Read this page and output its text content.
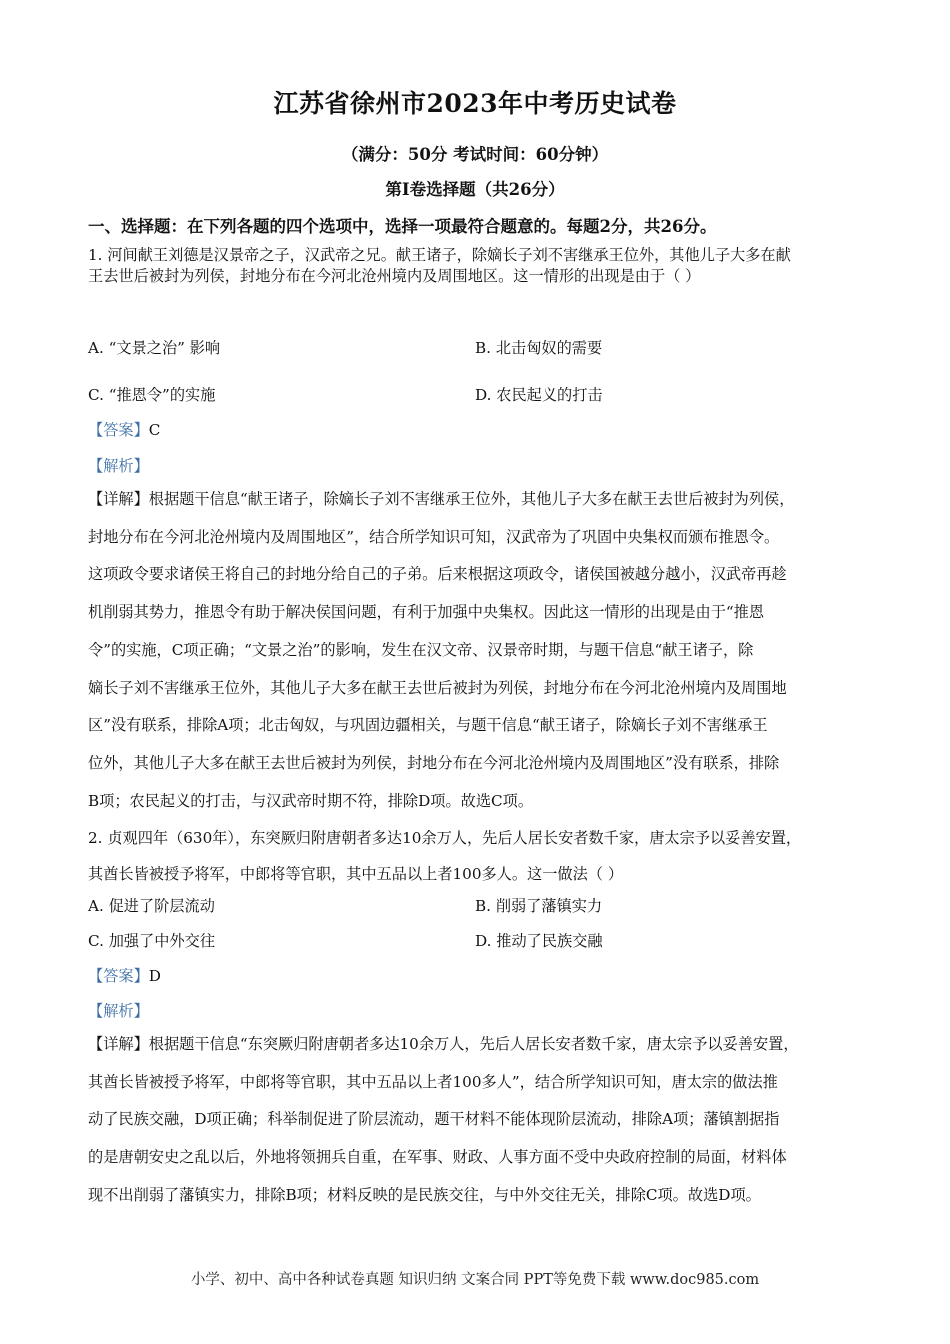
江苏省徐州市2023年中考历史试卷
（满分：50分 考试时间：60分钟）
第Ⅰ卷选择题（共26分）
一、选择题：在下列各题的四个选项中，选择一项最符合题意的。每题2分，共26分。

1. 河间献王刘德是汉景帝之子，汉武帝之兄。献王诸子，除嫡长子刘不害继承王位外，其他儿子大多在献

王去世后被封为列侯，封地分布在今河北沧州境内及周围地区。这一情形的出现是由于（ ）

A. “文景之治” 影响	B. 北击匈奴的需要
C. “推恩令”的实施	D. 农民起义的打击
【答案】C
【解析】

【详解】根据题干信息“献王诸子，除嫡长子刘不害继承王位外，其他儿子大多在献王去世后被封为列侯，

封地分布在今河北沧州境内及周围地区”，结合所学知识可知，汉武帝为了巩固中央集权而颁布推恩令。

这项政令要求诸侯王将自己的封地分给自己的子弟。后来根据这项政令，诸侯国被越分越小，汉武帝再趁

机削弱其势力，推恩令有助于解决侯国问题，有利于加强中央集权。因此这一情形的出现是由于“推恩

令”的实施，C项正确；“文景之治”的影响，发生在汉文帝、汉景帝时期，与题干信息“献王诸子，除

嫡长子刘不害继承王位外，其他儿子大多在献王去世后被封为列侯，封地分布在今河北沧州境内及周围地

区”没有联系，排除A项；北击匈奴，与巩固边疆相关，与题干信息“献王诸子，除嫡长子刘不害继承王

位外，其他儿子大多在献王去世后被封为列侯，封地分布在今河北沧州境内及周围地区”没有联系，排除

B项；农民起义的打击，与汉武帝时期不符，排除D项。故选C项。

2. 贞观四年（630年），东突厥归附唐朝者多达10余万人，先后人居长安者数千家，唐太宗予以妥善安置，

其酋长皆被授予将军，中郎将等官职，其中五品以上者100多人。这一做法（ ）

A. 促进了阶层流动	B. 削弱了藩镇实力
C. 加强了中外交往	D. 推动了民族交融
【答案】D
【解析】

【详解】根据题干信息“东突厥归附唐朝者多达10余万人，先后人居长安者数千家，唐太宗予以妥善安置，

其酋长皆被授予将军，中郎将等官职，其中五品以上者100多人”，结合所学知识可知，唐太宗的做法推

动了民族交融，D项正确；科举制促进了阶层流动，题干材料不能体现阶层流动，排除A项；藩镇割据指

的是唐朝安史之乱以后，外地将领拥兵自重，在军事、财政、人事方面不受中央政府控制的局面，材料体

现不出削弱了藩镇实力，排除B项；材料反映的是民族交往，与中外交往无关，排除C项。故选D项。

小学、初中、高中各种试卷真题 知识归纳 文案合同 PPT等免费下载 www.doc985.com
